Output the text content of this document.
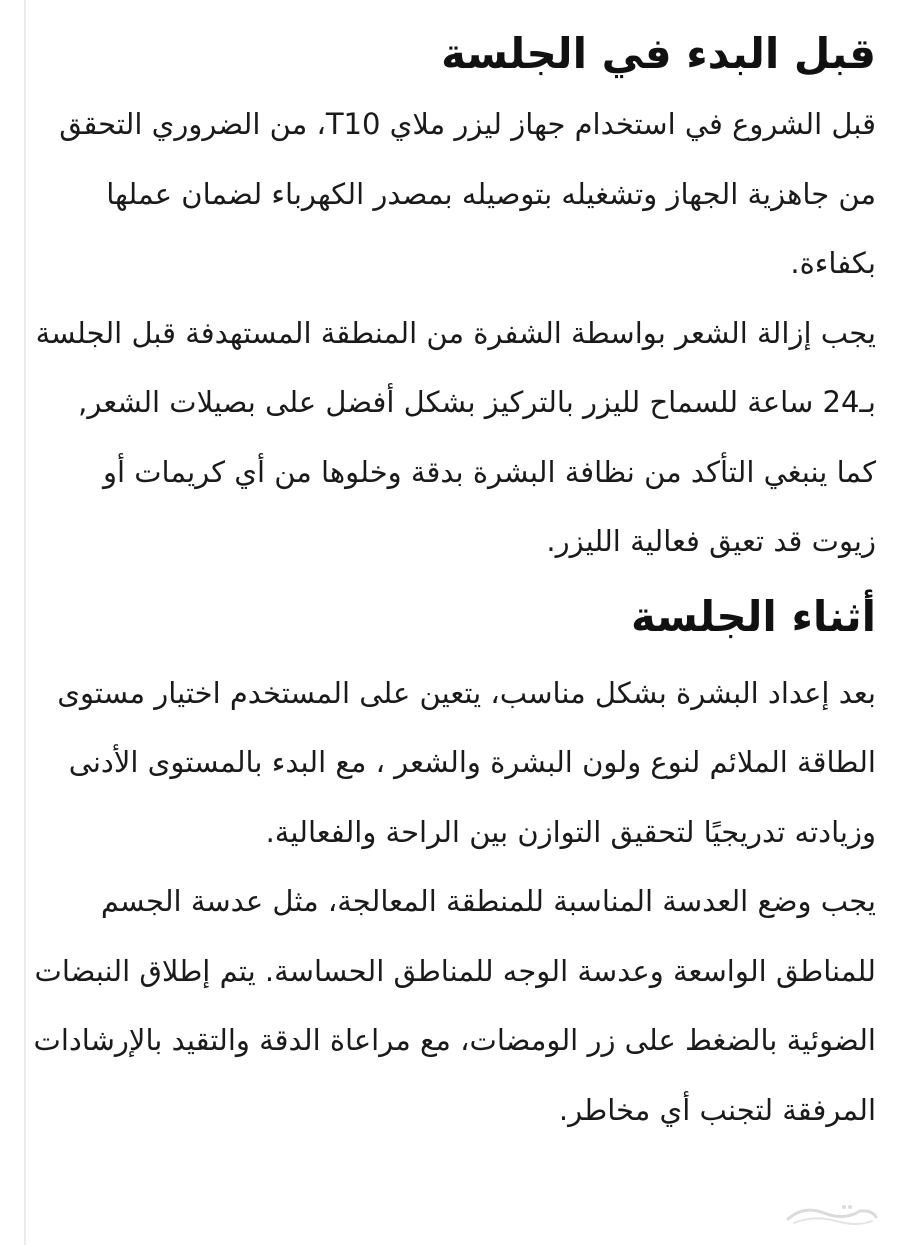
قبل البدء في الجلسة

قبل الشروع في استخدام جهاز ليزر ملاي T10، من الضروري التحقق من جاهزية الجهاز وتشغيله بتوصيله بمصدر الكهرباء لضمان عملها بكفاءة.

يجب إزالة الشعر بواسطة الشفرة من المنطقة المستهدفة قبل الجلسة بـ24 ساعة للسماح لليزر بالتركيز بشكل أفضل على بصيلات الشعر, كما ينبغي التأكد من نظافة البشرة بدقة وخلوها من أي كريمات أو زيوت قد تعيق فعالية الليزر.

أثناء الجلسة

بعد إعداد البشرة بشكل مناسب، يتعين على المستخدم اختيار مستوى الطاقة الملائم لنوع ولون البشرة والشعر ، مع البدء بالمستوى الأدنى وزيادته تدريجيًا لتحقيق التوازن بين الراحة والفعالية.

يجب وضع العدسة المناسبة للمنطقة المعالجة، مثل عدسة الجسم للمناطق الواسعة وعدسة الوجه للمناطق الحساسة. يتم إطلاق النبضات الضوئية بالضغط على زر الومضات، مع مراعاة الدقة والتقيد بالإرشادات المرفقة لتجنب أي مخاطر.
